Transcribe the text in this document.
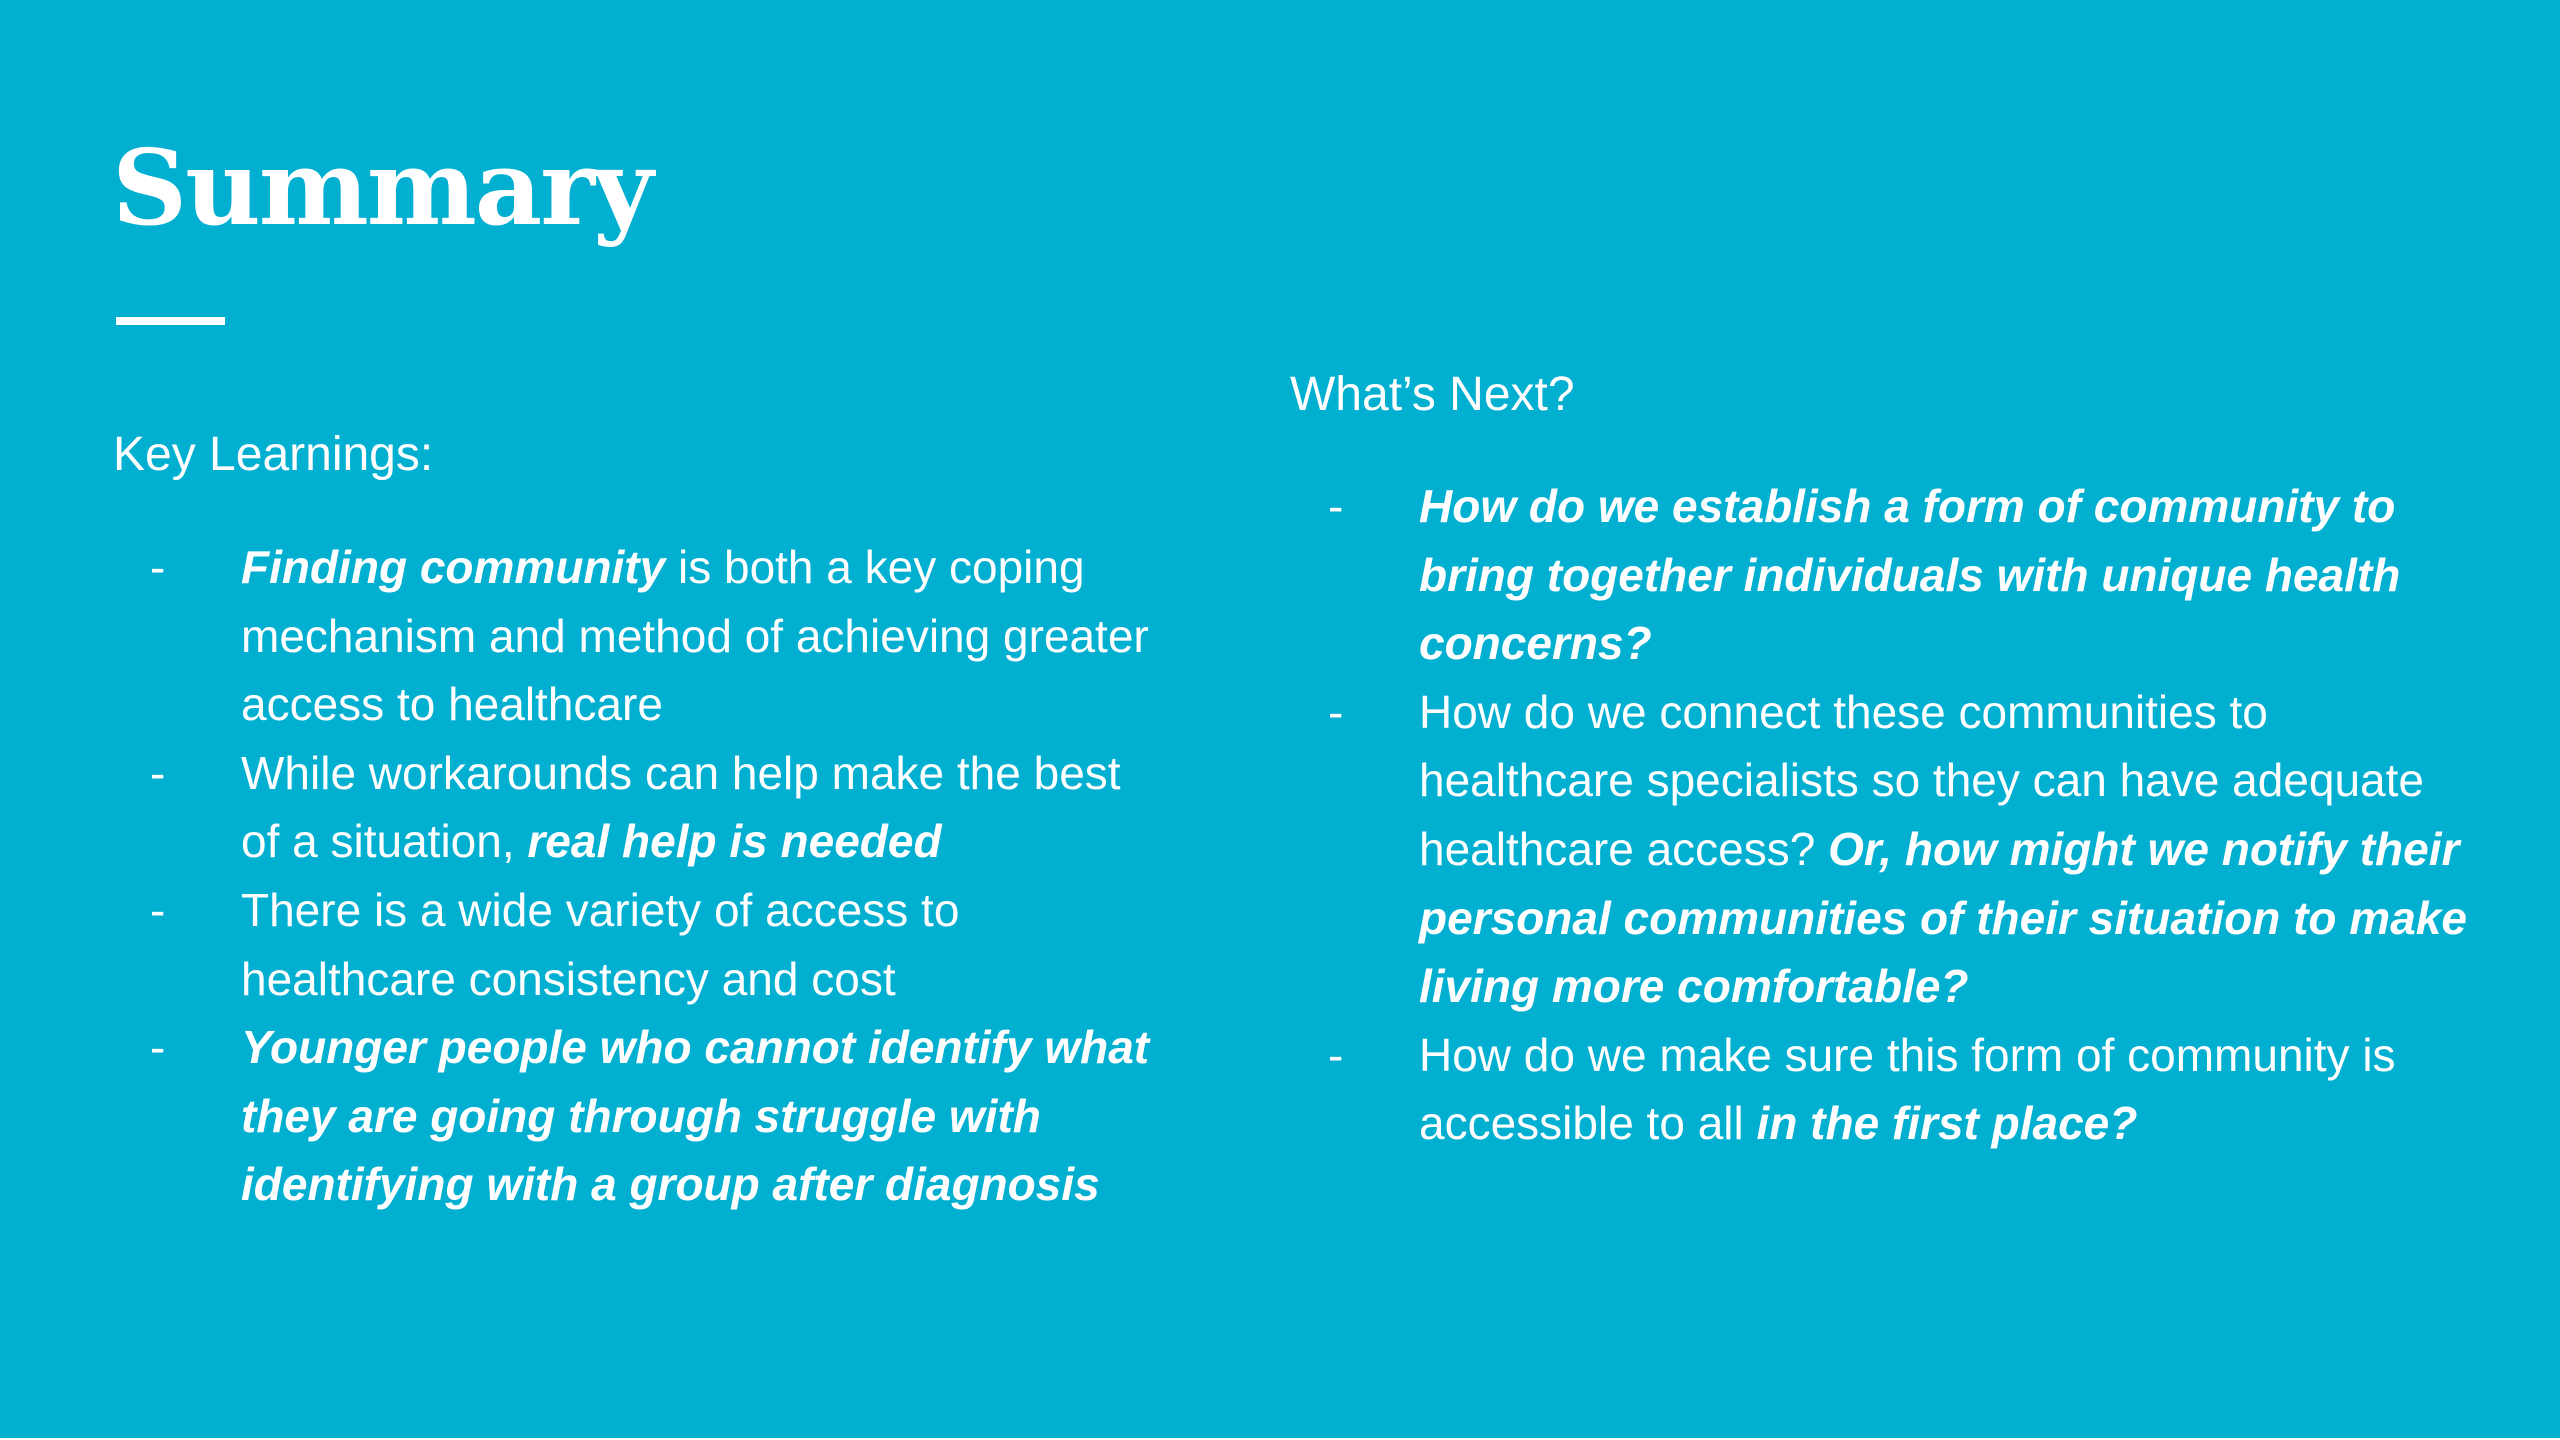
Summary

Key Learnings:

-	Finding community is both a key coping mechanism and method of achieving greater access to healthcare
-	While workarounds can help make the best of a situation, real help is needed
-	There is a wide variety of access to healthcare consistency and cost
-	Younger people who cannot identify what they are going through struggle with identifying with a group after diagnosis

What’s Next?

-	How do we establish a form of community to bring together individuals with unique health concerns?
-	How do we connect these communities to healthcare specialists so they can have adequate healthcare access? Or, how might we notify their personal communities of their situation to make living more comfortable?
-	How do we make sure this form of community is accessible to all in the first place?
